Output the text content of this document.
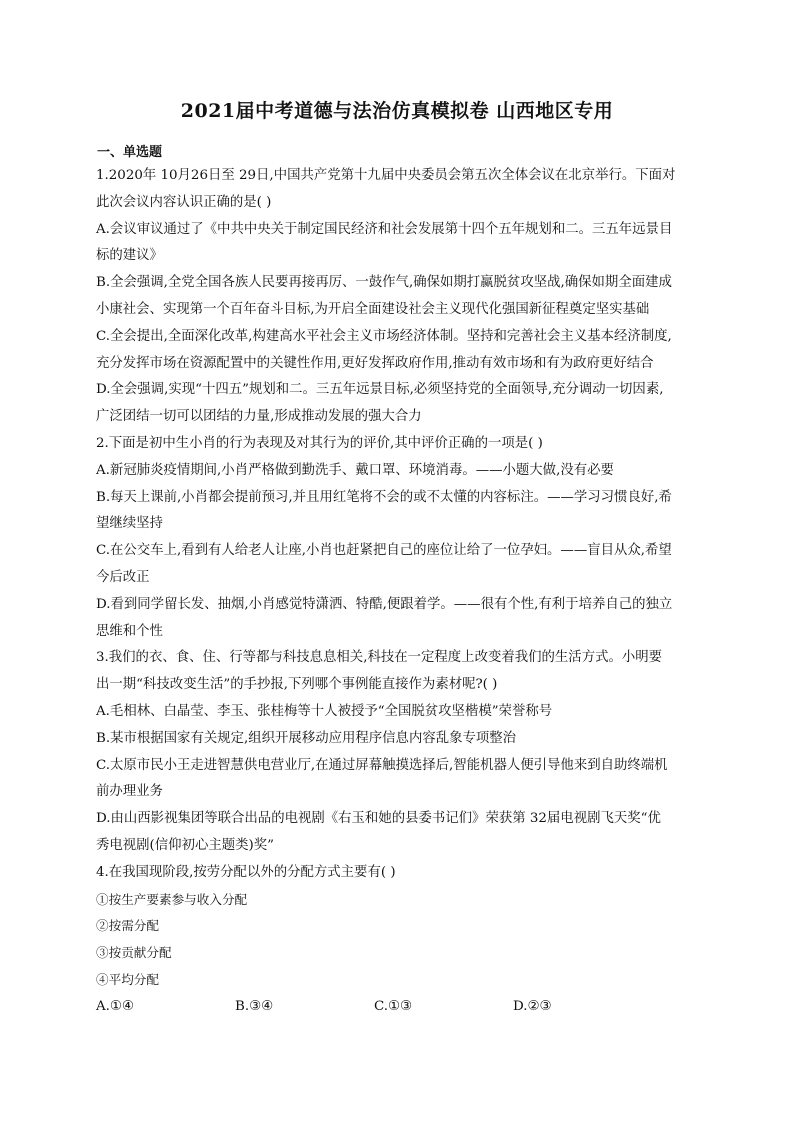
2021届中考道德与法治仿真模拟卷 山西地区专用
一、单选题
1.2020年 10月26日至 29日,中国共产党第十九届中央委员会第五次全体会议在北京举行。下面对
此次会议内容认识正确的是( )
A.会议审议通过了《中共中央关于制定国民经济和社会发展第十四个五年规划和二。三五年远景目
标的建议》
B.全会强调,全党全国各族人民要再接再厉、一鼓作气,确保如期打赢脱贫攻坚战,确保如期全面建成
小康社会、实现第一个百年奋斗目标,为开启全面建设社会主义现代化强国新征程奠定坚实基础
C.全会提出,全面深化改革,构建高水平社会主义市场经济体制。坚持和完善社会主义基本经济制度,
充分发挥市场在资源配置中的关键性作用,更好发挥政府作用,推动有效市场和有为政府更好结合
D.全会强调,实现“十四五”规划和二。三五年远景目标,必须坚持党的全面领导,充分调动一切因素,
广泛团结一切可以团结的力量,形成推动发展的强大合力
2.下面是初中生小肖的行为表现及对其行为的评价,其中评价正确的一项是( )
A.新冠肺炎疫情期间,小肖严格做到勤洗手、戴口罩、环境消毒。——小题大做,没有必要
B.每天上课前,小肖都会提前预习,并且用红笔将不会的或不太懂的内容标注。——学习习惯良好,希
望继续坚持
C.在公交车上,看到有人给老人让座,小肖也赶紧把自己的座位让给了一位孕妇。——盲目从众,希望
今后改正
D.看到同学留长发、抽烟,小肖感觉特潇洒、特酷,便跟着学。——很有个性,有利于培养自己的独立
思维和个性
3.我们的衣、食、住、行等都与科技息息相关,科技在一定程度上改变着我们的生活方式。小明要
出一期“科技改变生活”的手抄报,下列哪个事例能直接作为素材呢?( )
A.毛相林、白晶莹、李玉、张桂梅等十人被授予“全国脱贫攻坚楷模”荣誉称号
B.某市根据国家有关规定,组织开展移动应用程序信息内容乱象专项整治
C.太原市民小王走进智慧供电营业厅,在通过屏幕触摸选择后,智能机器人便引导他来到自助终端机
前办理业务
D.由山西影视集团等联合出品的电视剧《右玉和她的县委书记们》荣获第 32届电视剧飞天奖“优
秀电视剧(信仰初心主题类)奖”
4.在我国现阶段,按劳分配以外的分配方式主要有( )
①按生产要素参与收入分配
②按需分配
③按贡献分配
④平均分配
A.①④	B.③④	C.①③	D.②③
